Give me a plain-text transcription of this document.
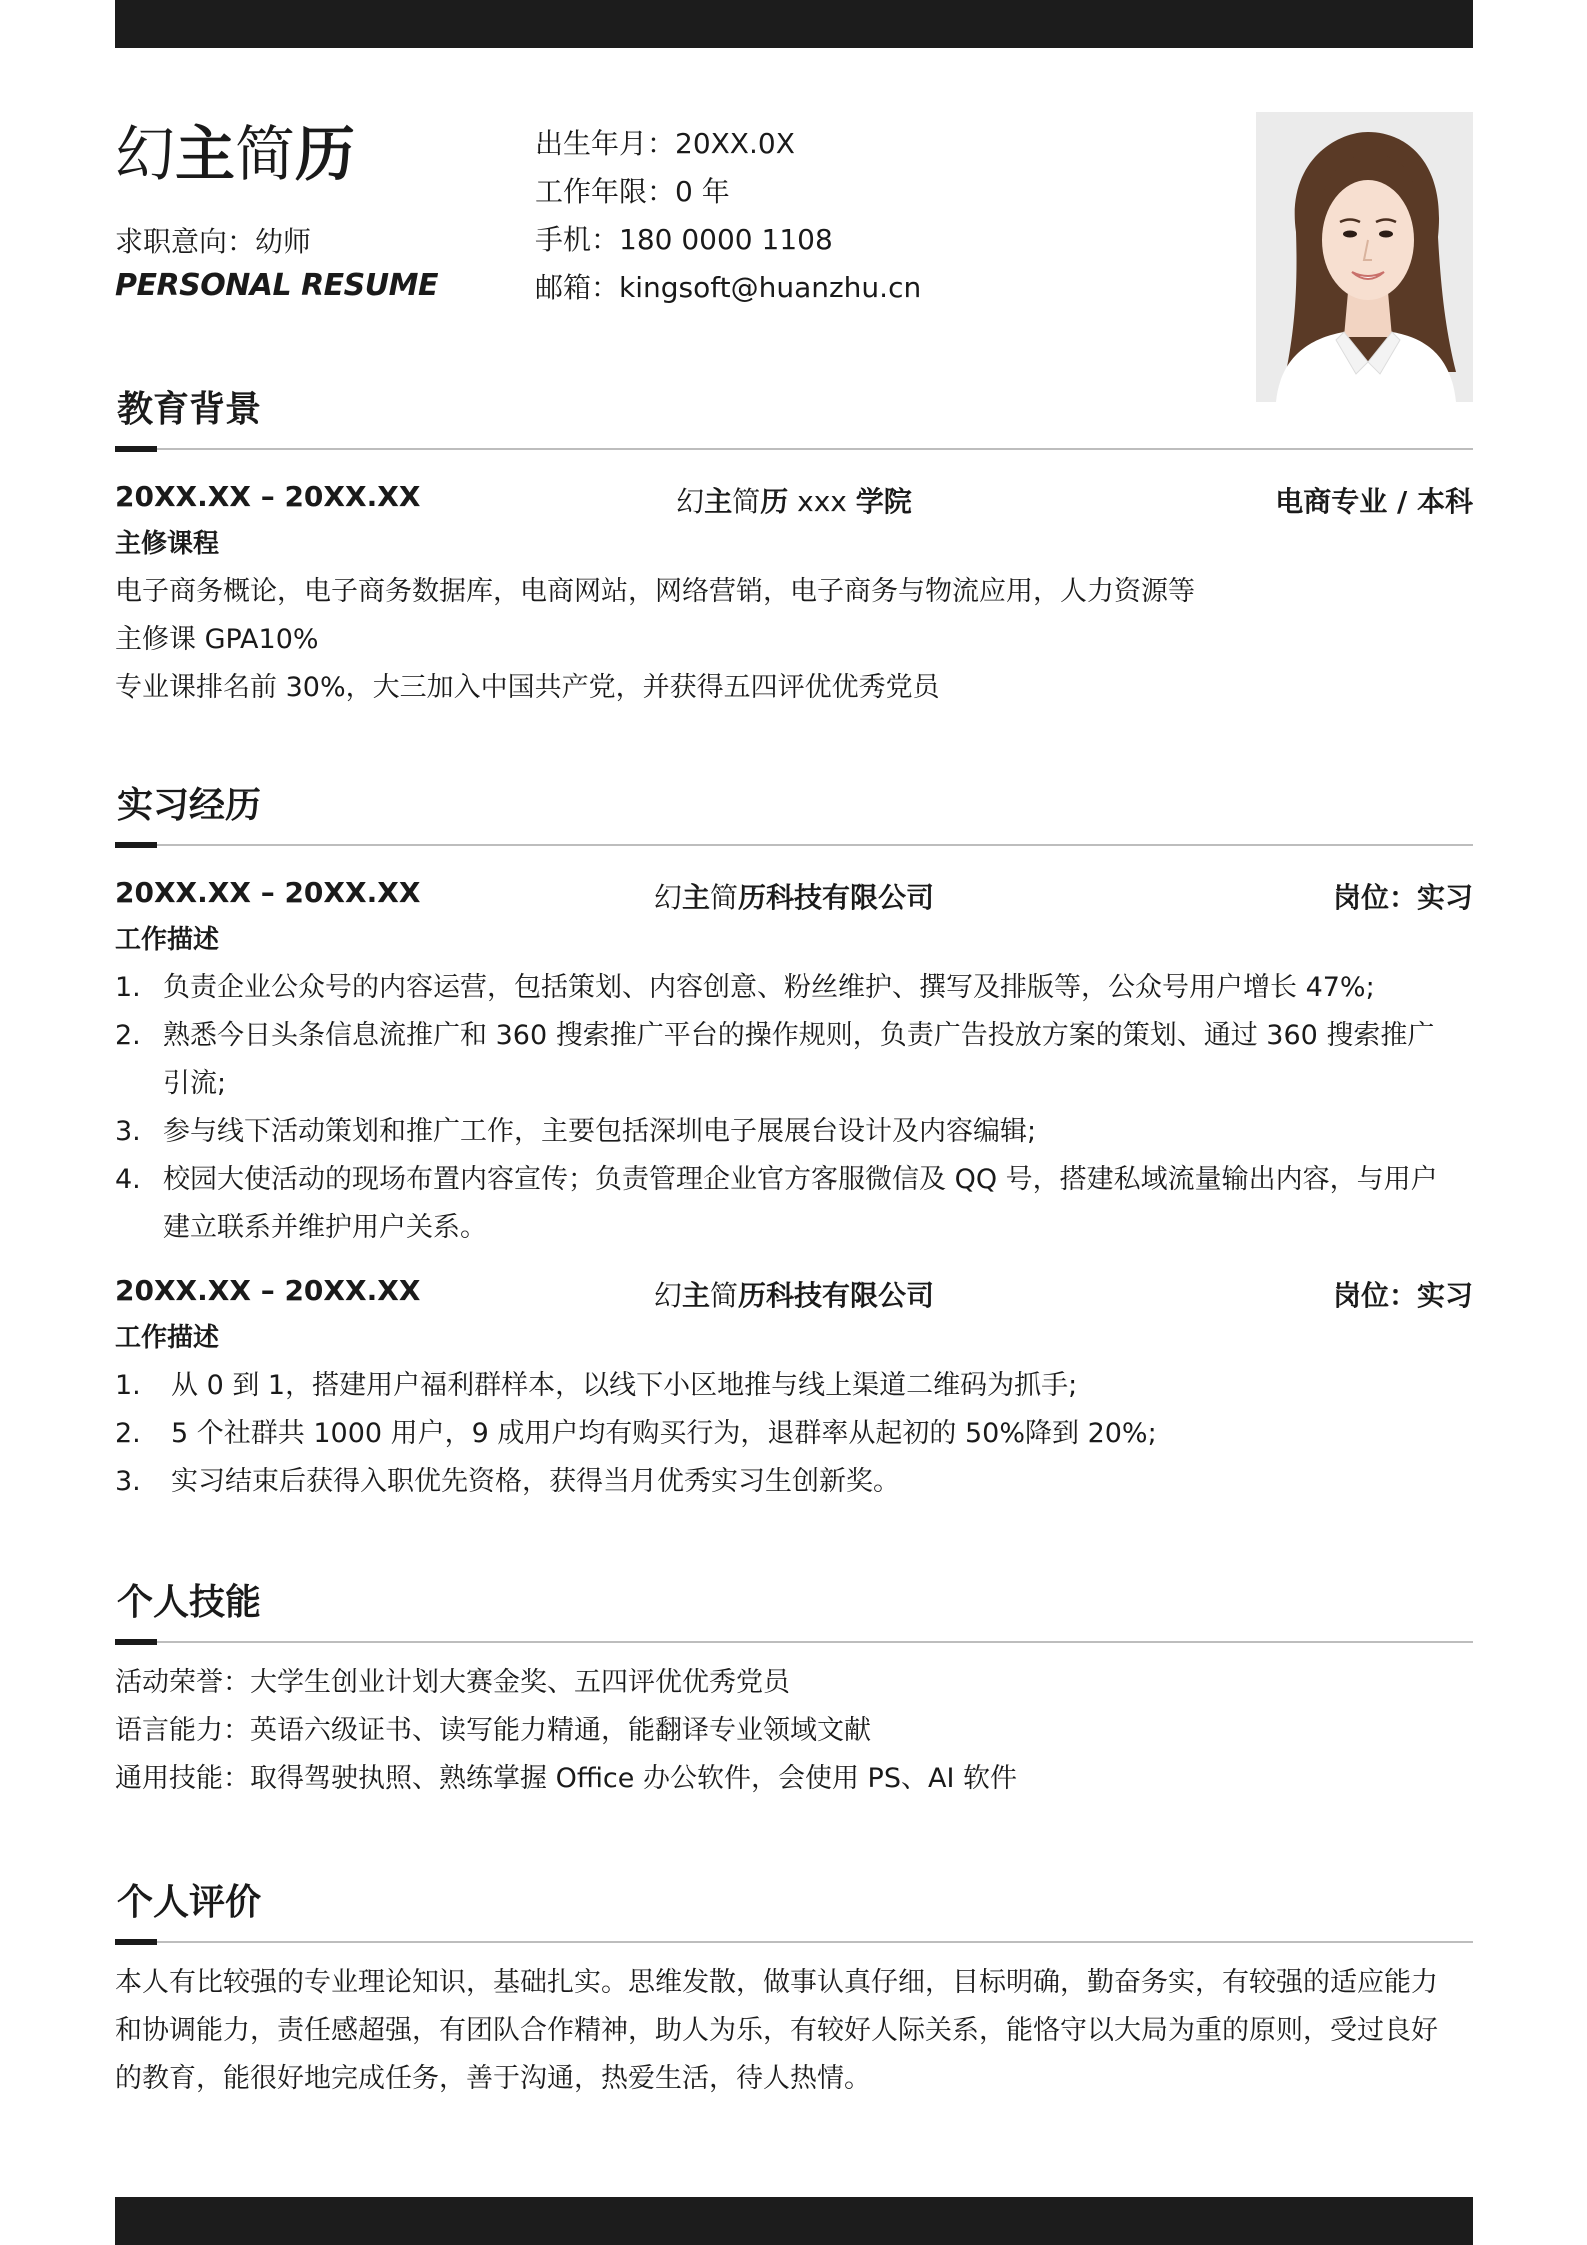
幻主简历
求职意向：幼师
PERSONAL RESUME
出生年月：20XX.0X
工作年限：0 年
手机：180 0000 1108
邮箱：kingsoft@huanzhu.cn
教育背景
20XX.XX – 20XX.XX	幻主简历 xxx 学院	电商专业 / 本科
主修课程
电子商务概论，电子商务数据库，电商网站，网络营销，电子商务与物流应用，人力资源等
主修课 GPA10%
专业课排名前 30%，大三加入中国共产党，并获得五四评优优秀党员
实习经历
20XX.XX – 20XX.XX	幻主简历科技有限公司	岗位：实习
工作描述
1. 负责企业公众号的内容运营，包括策划、内容创意、粉丝维护、撰写及排版等，公众号用户增长 47%;
2. 熟悉今日头条信息流推广和 360 搜索推广平台的操作规则，负责广告投放方案的策划、通过 360 搜索推广
引流;
3. 参与线下活动策划和推广工作，主要包括深圳电子展展台设计及内容编辑;
4. 校园大使活动的现场布置内容宣传；负责管理企业官方客服微信及 QQ 号，搭建私域流量输出内容，与用户
建立联系并维护用户关系。
20XX.XX – 20XX.XX	幻主简历科技有限公司	岗位：实习
工作描述
1. 从 0 到 1，搭建用户福利群样本，以线下小区地推与线上渠道二维码为抓手;
2. 5 个社群共 1000 用户，9 成用户均有购买行为，退群率从起初的 50%降到 20%;
3. 实习结束后获得入职优先资格，获得当月优秀实习生创新奖。
个人技能
活动荣誉：大学生创业计划大赛金奖、五四评优优秀党员
语言能力：英语六级证书、读写能力精通，能翻译专业领域文献
通用技能：取得驾驶执照、熟练掌握 Office 办公软件，会使用 PS、AI 软件
个人评价
本人有比较强的专业理论知识，基础扎实。思维发散，做事认真仔细，目标明确，勤奋务实，有较强的适应能力
和协调能力，责任感超强，有团队合作精神，助人为乐，有较好人际关系，能恪守以大局为重的原则，受过良好
的教育，能很好地完成任务，善于沟通，热爱生活，待人热情。
